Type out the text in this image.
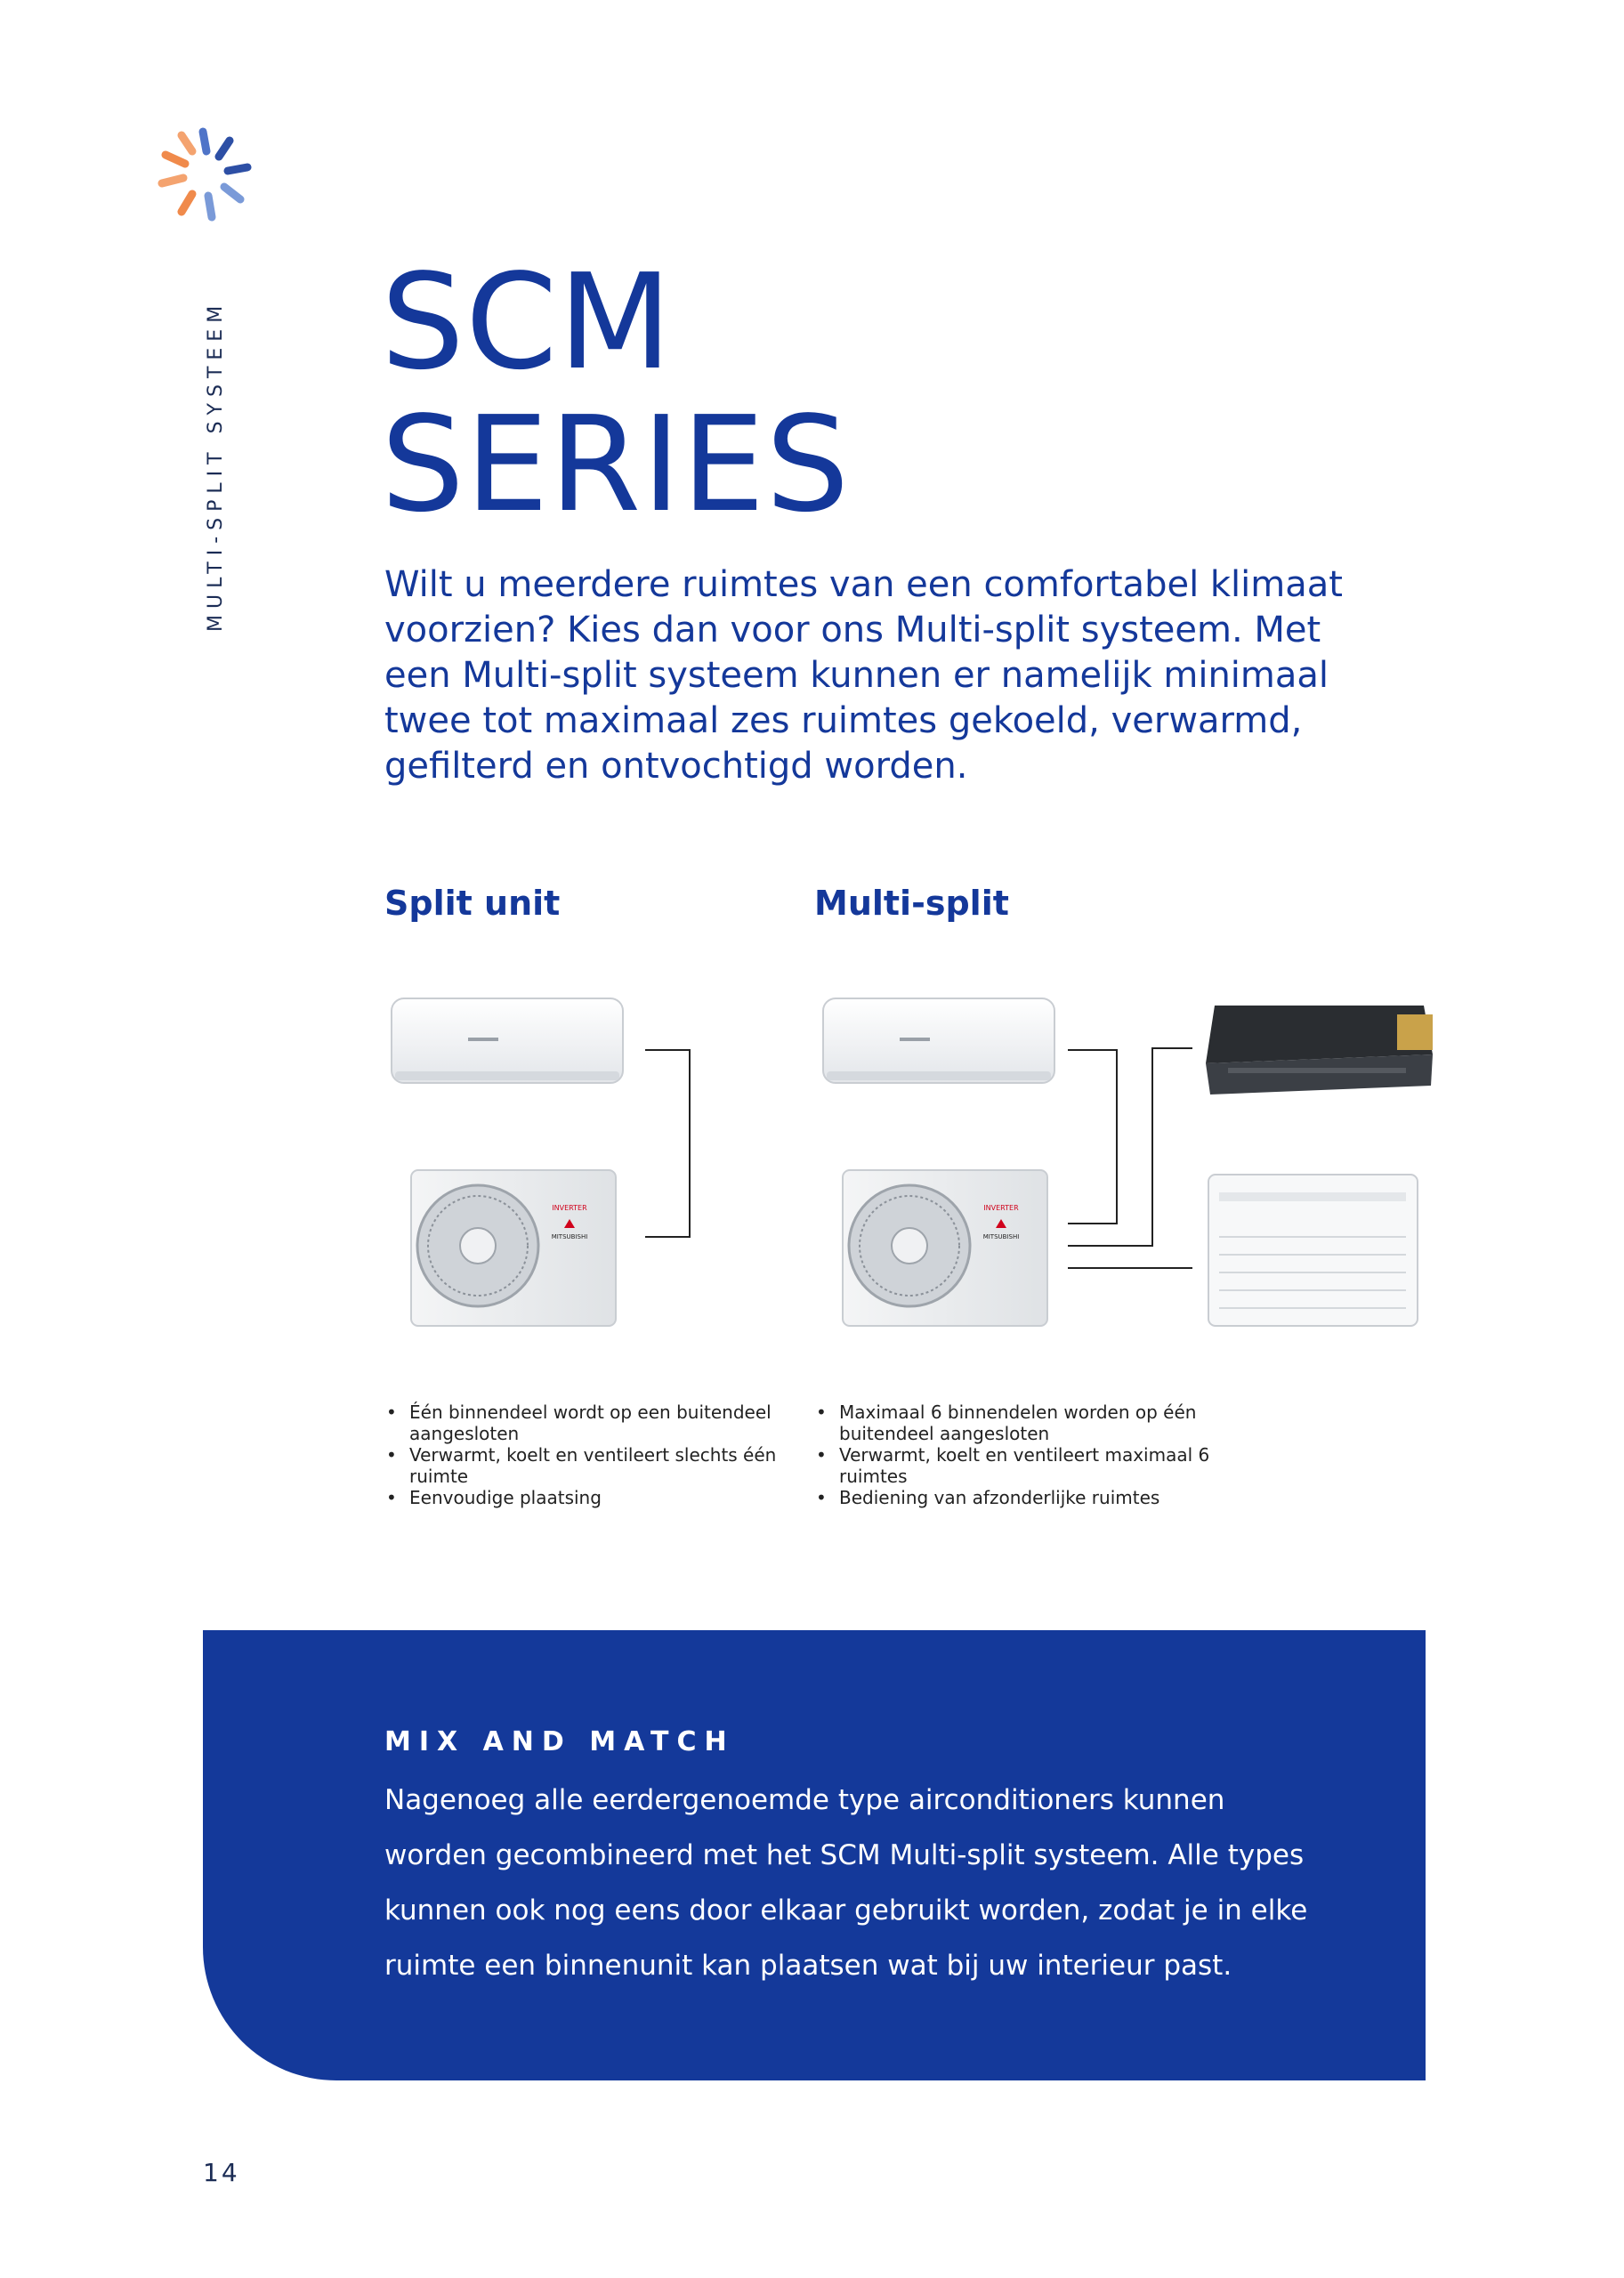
MULTI-SPLIT SYSTEEM SCM
SERIES

Wilt u meerdere ruimtes van een comfortabel klimaat voorzien? Kies dan voor ons Multi-split systeem. Met een Multi-split systeem kunnen er namelijk minimaal twee tot maximaal zes ruimtes gekoeld, verwarmd, gefilterd en ontvochtigd worden.

Split unit	Multi-split
INVERTER
MITSUBISHI
INVERTER
MITSUBISHI
• Één binnendeel wordt op een buitendeel aangesloten
• Verwarmt, koelt en ventileert slechts één ruimte
• Eenvoudige plaatsing
• Maximaal 6 binnendelen worden op één buitendeel aangesloten
• Verwarmt, koelt en ventileert maximaal 6 ruimtes
• Bediening van afzonderlijke ruimtes
MIX AND MATCH

Nagenoeg alle eerdergenoemde type airconditioners kunnen worden gecombineerd met het SCM Multi-split systeem. Alle types kunnen ook nog eens door elkaar gebruikt worden, zodat je in elke ruimte een binnenunit kan plaatsen wat bij uw interieur past.

14
